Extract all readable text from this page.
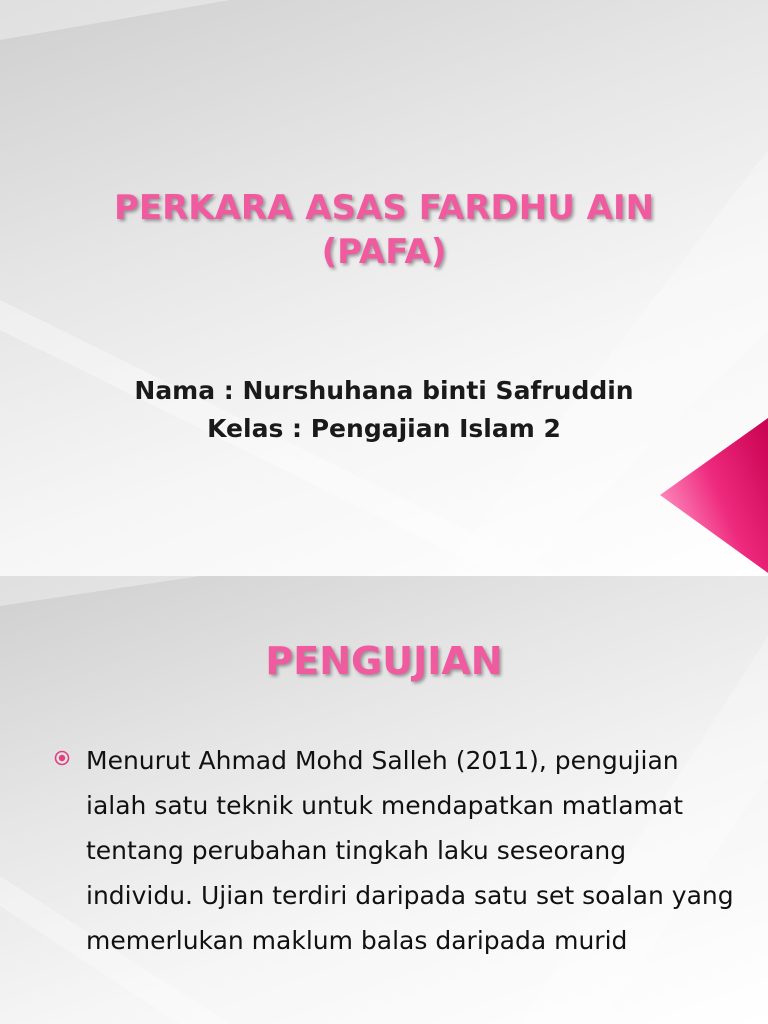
PERKARA ASAS FARDHU AIN
(PAFA)
Nama : Nurshuhana binti Safruddin
Kelas : Pengajian Islam 2
PENGUJIAN

Menurut Ahmad Mohd Salleh (2011), pengujian ialah satu teknik untuk mendapatkan matlamat tentang perubahan tingkah laku seseorang individu. Ujian terdiri daripada satu set soalan yang memerlukan maklum balas daripada murid
